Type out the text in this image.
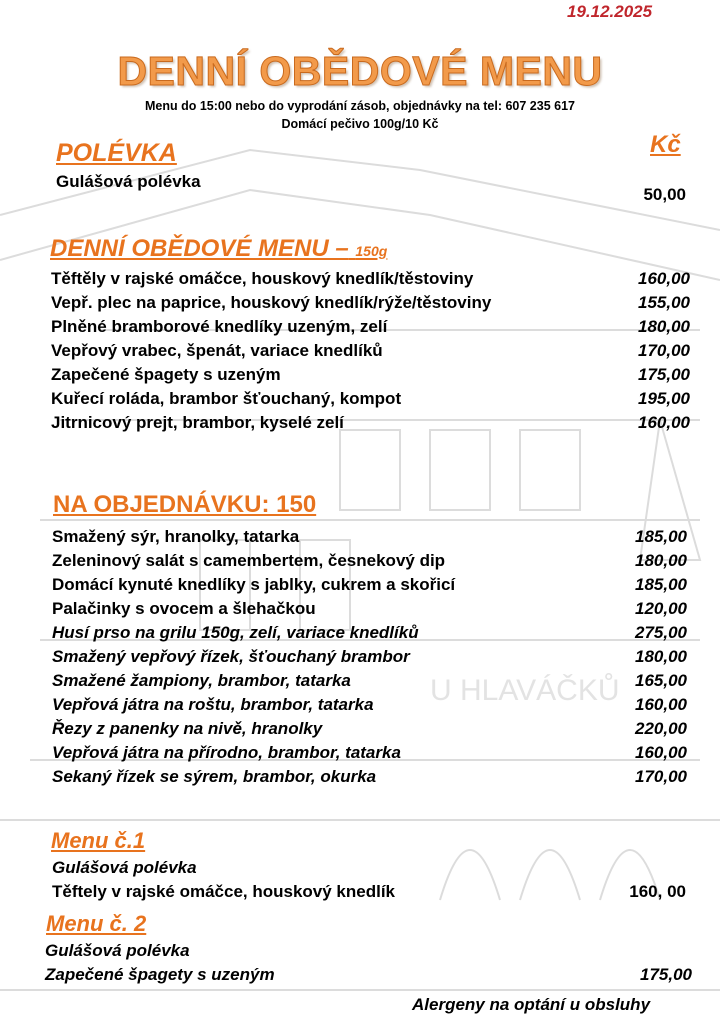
U HLAVÁČKŮ
19.12.2025
DENNÍ OBĚDOVÉ MENU
Menu do 15:00 nebo do vyprodání zásob, objednávky na tel: 607 235 617
Domácí pečivo 100g/10 Kč
Kč
POLÉVKA
Gulášová polévka
50,00
DENNÍ OBĚDOVÉ MENU – 150g
Těftěly v rajské omáčce, houskový knedlík/těstoviny	160,00
Vepř. plec na paprice, houskový knedlík/rýže/těstoviny	155,00
Plněné bramborové knedlíky uzeným, zelí	180,00
Vepřový vrabec, špenát, variace knedlíků	170,00
Zapečené špagety s uzeným	175,00
Kuřecí roláda, brambor šťouchaný, kompot	195,00
Jitrnicový prejt, brambor, kyselé zelí	160,00
NA OBJEDNÁVKU: 150
Smažený sýr, hranolky, tatarka	185,00
Zeleninový salát s camembertem, česnekový dip	180,00
Domácí kynuté knedlíky s jablky, cukrem a skořicí	185,00
Palačinky s ovocem a šlehačkou	120,00
Husí prso na grilu 150g, zelí, variace knedlíků	275,00
Smažený vepřový řízek, šťouchaný brambor	180,00
Smažené žampiony, brambor, tatarka	165,00
Vepřová játra na roštu, brambor, tatarka	160,00
Řezy z panenky na nivě, hranolky	220,00
Vepřová játra na přírodno, brambor, tatarka	160,00
Sekaný řízek se sýrem, brambor, okurka	170,00
Menu č.1
Gulášová polévka
Těftely v rajské omáčce, houskový knedlík	160, 00
Menu č. 2
Gulášová polévka
Zapečené špagety s uzeným	175,00
Alergeny na optání u obsluhy
